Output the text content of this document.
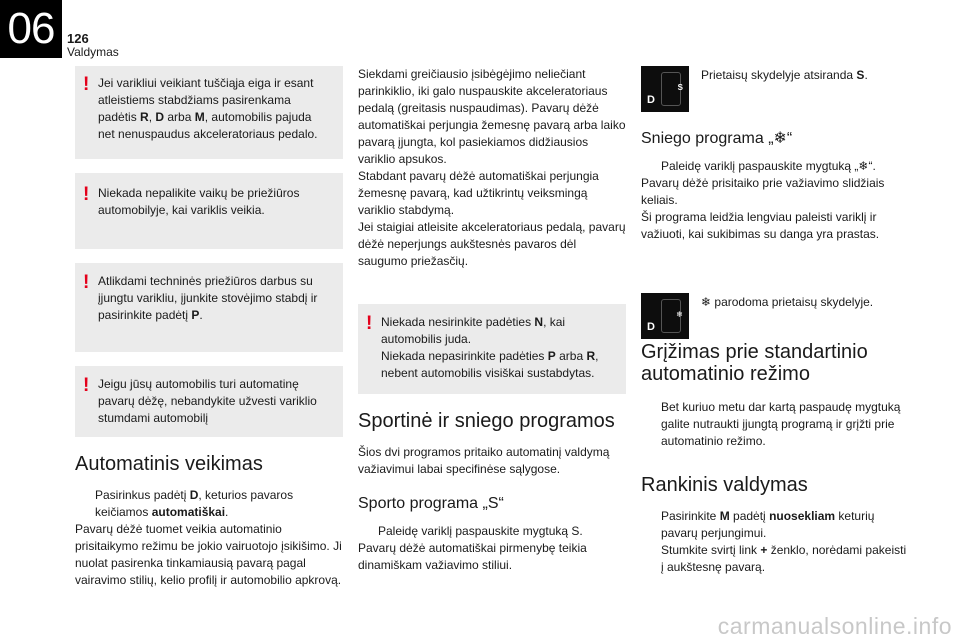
06 126
Valdymas
! Jei varikliui veikiant tuščiąja eiga ir esant atleistiems stabdžiams pasirenkama padėtis R, D arba M, automobilis pajuda net nenuspaudus akceleratoriaus pedalo.

! Niekada nepalikite vaikų be priežiūros automobilyje, kai variklis veikia.

! Atlikdami techninės priežiūros darbus su įjungtu varikliu, įjunkite stovėjimo stabdį ir pasirinkite padėtį P.

! Jeigu jūsų automobilis turi automatinę pavarų dėžę, nebandykite užvesti variklio stumdami automobilį

Automatinis veikimas

Pasirinkus padėtį D, keturios pavaros keičiamos automatiškai.

Pavarų dėžė tuomet veikia automatinio prisitaikymo režimu be jokio vairuotojo įsikišimo. Ji nuolat pasirenka tinkamiausią pavarą pagal vairavimo stilių, kelio profilį ir automobilio apkrovą.

Siekdami greičiausio įsibėgėjimo neliečiant parinkiklio, iki galo nuspauskite akceleratoriaus pedalą (greitasis nuspaudimas). Pavarų dėžė automatiškai perjungia žemesnę pavarą arba laiko pavarą įjungta, kol pasiekiamos didžiausios variklio apsukos.

Stabdant pavarų dėžė automatiškai perjungia žemesnę pavarą, kad užtikrintų veiksmingą variklio stabdymą.

Jei staigiai atleisite akceleratoriaus pedalą, pavarų dėžė neperjungs aukštesnės pavaros dėl saugumo priežasčių.

! Niekada nesirinkite padėties N, kai automobilis juda.
Niekada nepasirinkite padėties P arba R, nebent automobilis visiškai sustabdytas.

Sportinė ir sniego programos

Šios dvi programos pritaiko automatinį valdymą važiavimui labai specifinėse sąlygose.

Sporto programa „S“

Paleidę variklį paspauskite mygtuką S.

Pavarų dėžė automatiškai pirmenybę teikia dinamiškam važiavimo stiliui.

S
D

Prietaisų skydelyje atsiranda S.

Sniego programa „❄“

Paleidę variklį paspauskite mygtuką „❄“.

Pavarų dėžė prisitaiko prie važiavimo slidžiais keliais.

Ši programa leidžia lengviau paleisti variklį ir važiuoti, kai sukibimas su danga yra prastas.

❄
D

❄ parodoma prietaisų skydelyje.

Grįžimas prie standartinio automatinio režimo

Bet kuriuo metu dar kartą paspaudę mygtuką galite nutraukti įjungtą programą ir grįžti prie automatinio režimo.

Rankinis valdymas

Pasirinkite M padėtį nuosekliam keturių pavarų perjungimui.

Stumkite svirtį link + ženklo, norėdami pakeisti į aukštesnę pavarą.

carmanualsonline.info
